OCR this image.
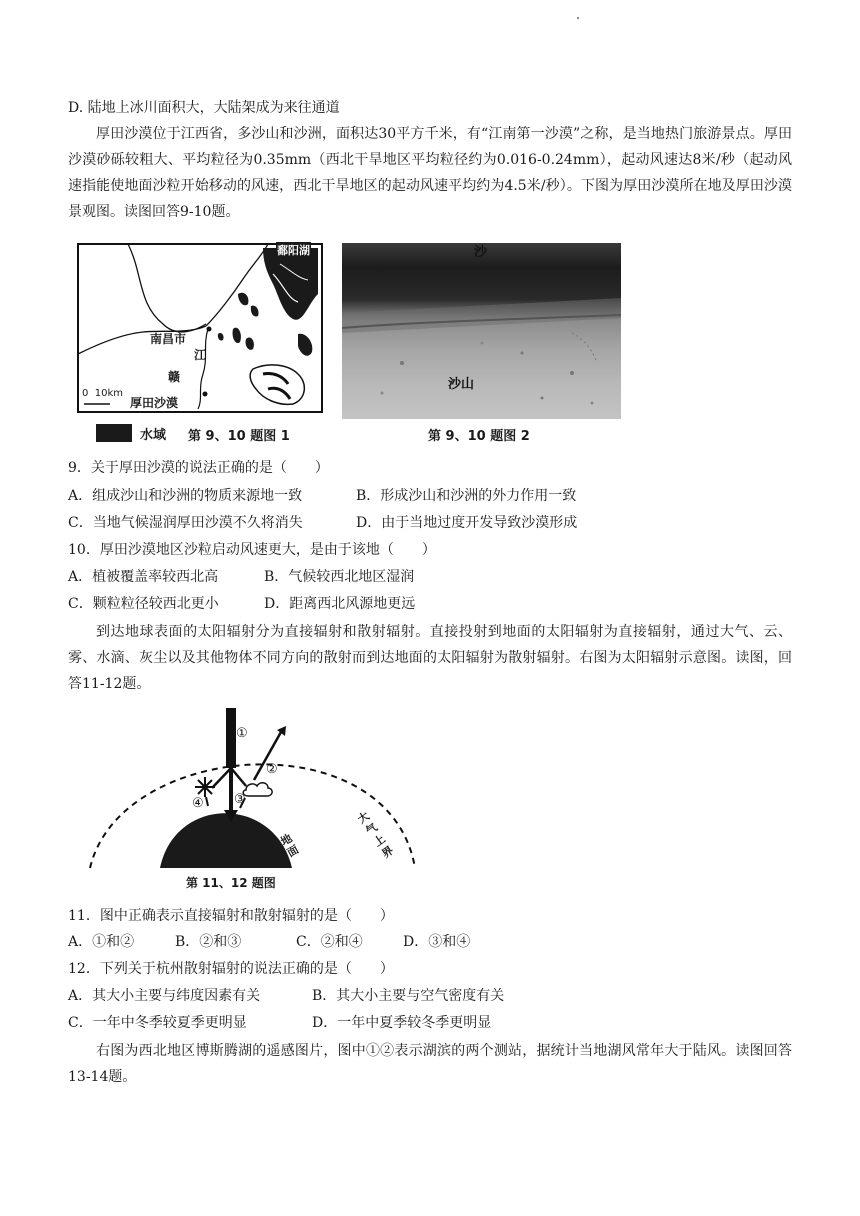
D. 陆地上冰川面积大，大陆架成为来往通道
厚田沙漠位于江西省，多沙山和沙洲，面积达30平方千米，有“江南第一沙漠”之称，是当地热门旅游景点。厚田沙漠砂砾较粗大、平均粒径为0.35mm（西北干旱地区平均粒径约为0.016-0.24mm），起动风速达8米/秒（起动风速指能使地面沙粒开始移动的风速，西北干旱地区的起动风速平均约为4.5米/秒）。下图为厚田沙漠所在地及厚田沙漠景观图。读图回答9-10题。
鄱阳湖
南昌市
江
赣
0  10km
厚田沙漠
水域 第 9、10 题图 1
沙
沙山
第 9、10 题图 2
9．关于厚田沙漠的说法正确的是（　　）
A．组成沙山和沙洲的物质来源地一致	B．形成沙山和沙洲的外力作用一致
C．当地气候湿润厚田沙漠不久将消失	D．由于当地过度开发导致沙漠形成
10．厚田沙漠地区沙粒启动风速更大，是由于该地（　　）
A．植被覆盖率较西北高	B．气候较西北地区湿润
C．颗粒粒径较西北更小	D．距离西北风源地更远
到达地球表面的太阳辐射分为直接辐射和散射辐射。直接投射到地面的太阳辐射为直接辐射，通过大气、云、雾、水滴、灰尘以及其他物体不同方向的散射而到达地面的太阳辐射为散射辐射。右图为太阳辐射示意图。读图，回答11-12题。
①
②
③
④
大气上界
地面
第 11、12 题图
11．图中正确表示直接辐射和散射辐射的是（　　）
A．①和②	B．②和③	C．②和④	D．③和④
12．下列关于杭州散射辐射的说法正确的是（　　）
A．其大小主要与纬度因素有关	B．其大小主要与空气密度有关
C．一年中冬季较夏季更明显	D．一年中夏季较冬季更明显
右图为西北地区博斯腾湖的遥感图片，图中①②表示湖滨的两个测站，据统计当地湖风常年大于陆风。读图回答13-14题。
